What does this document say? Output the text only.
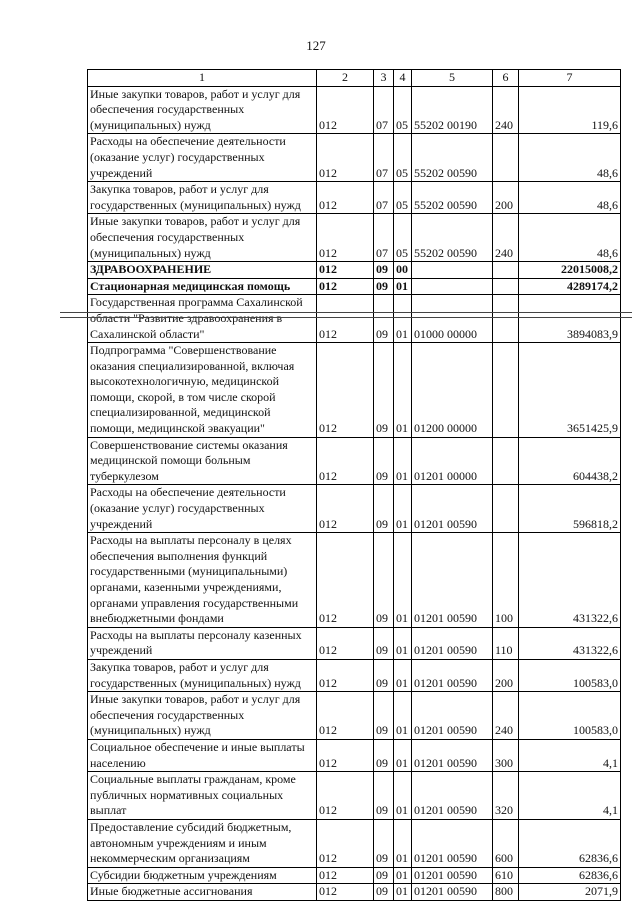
127
1	2	3	4	5	6	7
Иные закупки товаров, работ и услуг для обеспечения государственных (муниципальных) нужд	012	07	05	55202 00190	240	119,6
Расходы на обеспечение деятельности (оказание услуг) государственных учреждений	012	07	05	55202 00590		48,6
Закупка товаров, работ и услуг для государственных (муниципальных) нужд	012	07	05	55202 00590	200	48,6
Иные закупки товаров, работ и услуг для обеспечения государственных (муниципальных) нужд	012	07	05	55202 00590	240	48,6
ЗДРАВООХРАНЕНИЕ	012	09	00			22015008,2
Стационарная медицинская помощь	012	09	01			4289174,2
Государственная программа Сахалинской области "Развитие здравоохранения в Сахалинской области"	012	09	01	01000 00000		3894083,9
Подпрограмма "Совершенствование оказания специализированной, включая высокотехнологичную, медицинской помощи, скорой, в том числе скорой специализированной, медицинской помощи, медицинской эвакуации"	012	09	01	01200 00000		3651425,9
Совершенствование системы оказания медицинской помощи больным туберкулезом	012	09	01	01201 00000		604438,2
Расходы на обеспечение деятельности (оказание услуг) государственных учреждений	012	09	01	01201 00590		596818,2
Расходы на выплаты персоналу в целях обеспечения выполнения функций государственными (муниципальными) органами, казенными учреждениями, органами управления государственными внебюджетными фондами	012	09	01	01201 00590	100	431322,6
Расходы на выплаты персоналу казенных учреждений	012	09	01	01201 00590	110	431322,6
Закупка товаров, работ и услуг для государственных (муниципальных) нужд	012	09	01	01201 00590	200	100583,0
Иные закупки товаров, работ и услуг для обеспечения государственных (муниципальных) нужд	012	09	01	01201 00590	240	100583,0
Социальное обеспечение и иные выплаты населению	012	09	01	01201 00590	300	4,1
Социальные выплаты гражданам, кроме публичных нормативных социальных выплат	012	09	01	01201 00590	320	4,1
Предоставление субсидий бюджетным, автономным учреждениям и иным некоммерческим организациям	012	09	01	01201 00590	600	62836,6
Субсидии бюджетным учреждениям	012	09	01	01201 00590	610	62836,6
Иные бюджетные ассигнования	012	09	01	01201 00590	800	2071,9
